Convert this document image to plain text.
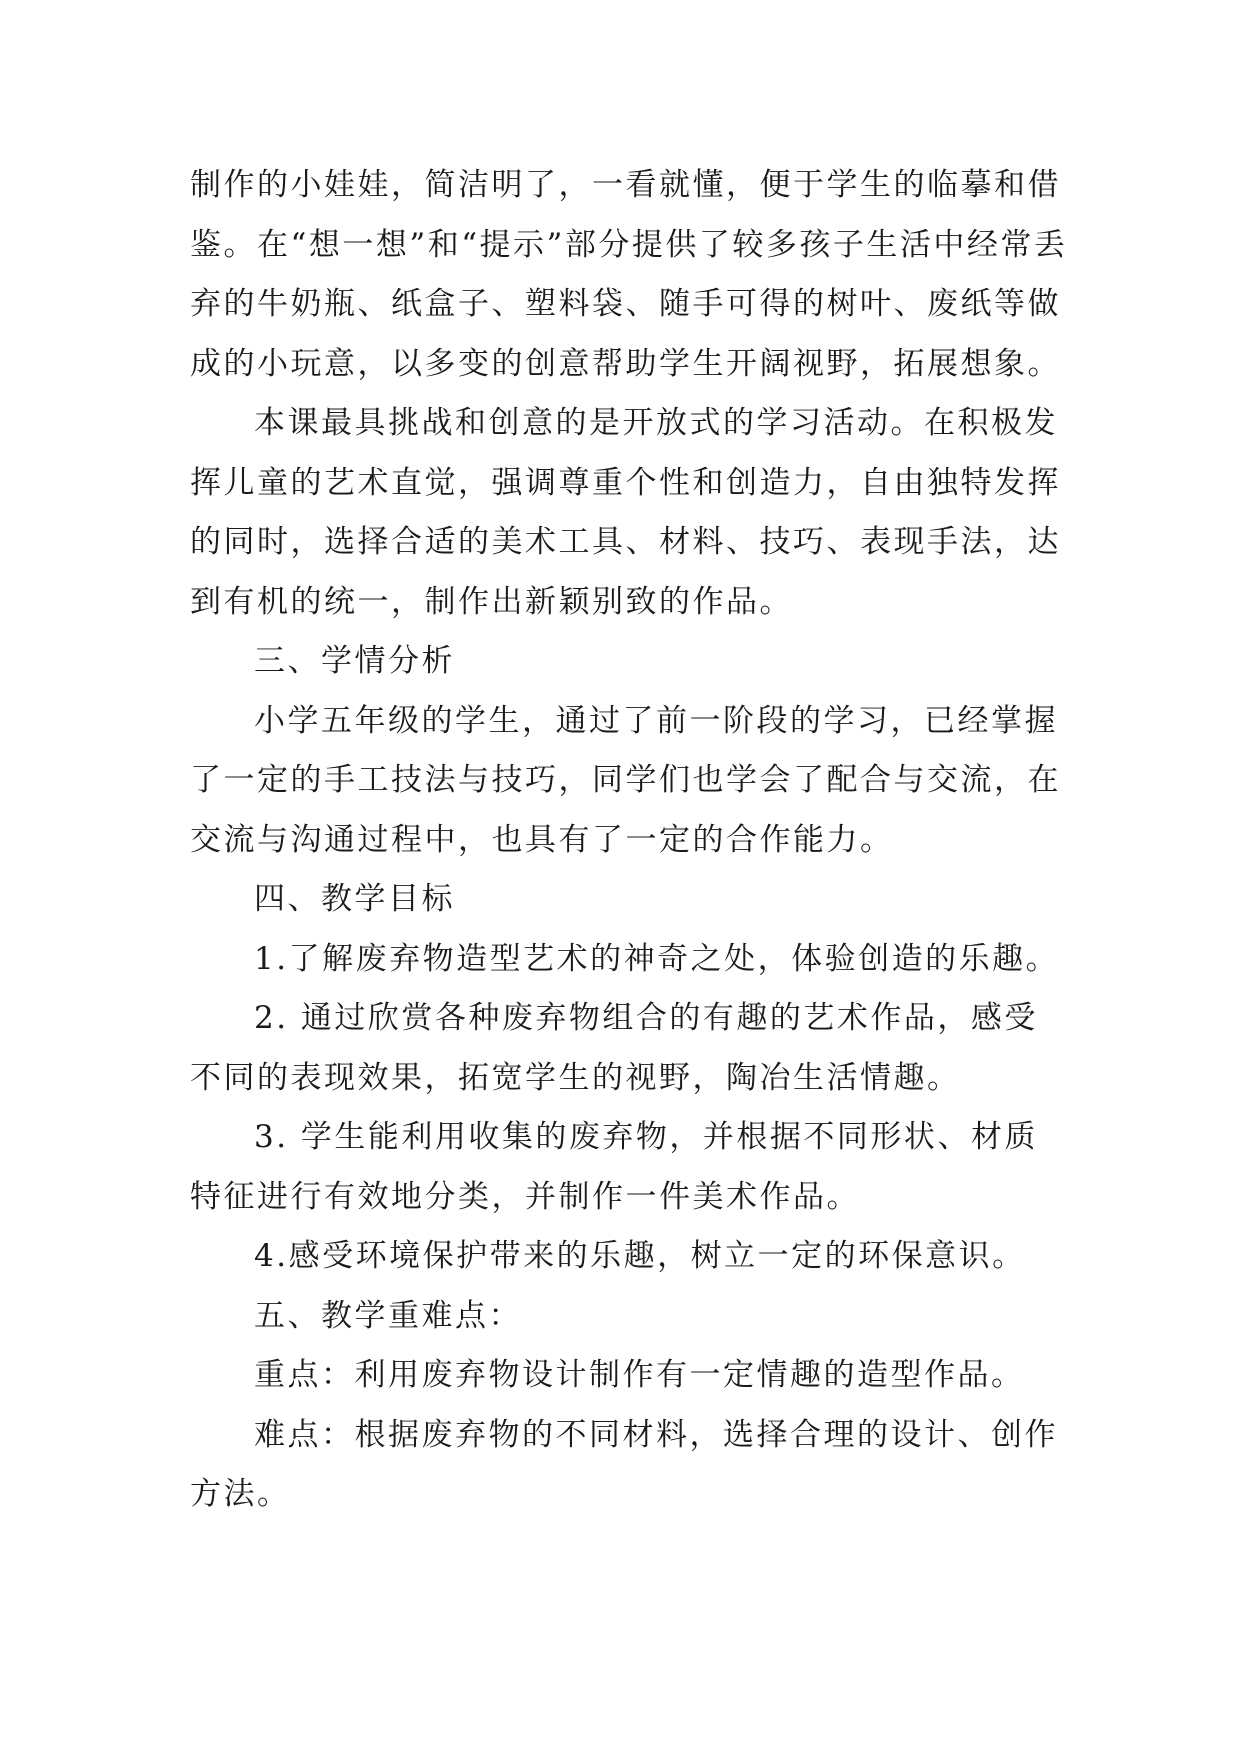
制作的小娃娃，简洁明了，一看就懂，便于学生的临摹和借鉴。在“想一想”和“提示”部分提供了较多孩子生活中经常丢弃的牛奶瓶、纸盒子、塑料袋、随手可得的树叶、废纸等做成的小玩意，以多变的创意帮助学生开阔视野，拓展想象。

本课最具挑战和创意的是开放式的学习活动。在积极发挥儿童的艺术直觉，强调尊重个性和创造力，自由独特发挥的同时，选择合适的美术工具、材料、技巧、表现手法，达到有机的统一，制作出新颖别致的作品。

三、学情分析

小学五年级的学生，通过了前一阶段的学习，已经掌握了一定的手工技法与技巧，同学们也学会了配合与交流，在交流与沟通过程中，也具有了一定的合作能力。

四、教学目标

1.了解废弃物造型艺术的神奇之处，体验创造的乐趣。

2. 通过欣赏各种废弃物组合的有趣的艺术作品，感受不同的表现效果，拓宽学生的视野，陶冶生活情趣。

3. 学生能利用收集的废弃物，并根据不同形状、材质特征进行有效地分类，并制作一件美术作品。

4.感受环境保护带来的乐趣，树立一定的环保意识。

五、教学重难点：

重点：利用废弃物设计制作有一定情趣的造型作品。

难点：根据废弃物的不同材料，选择合理的设计、创作方法。
